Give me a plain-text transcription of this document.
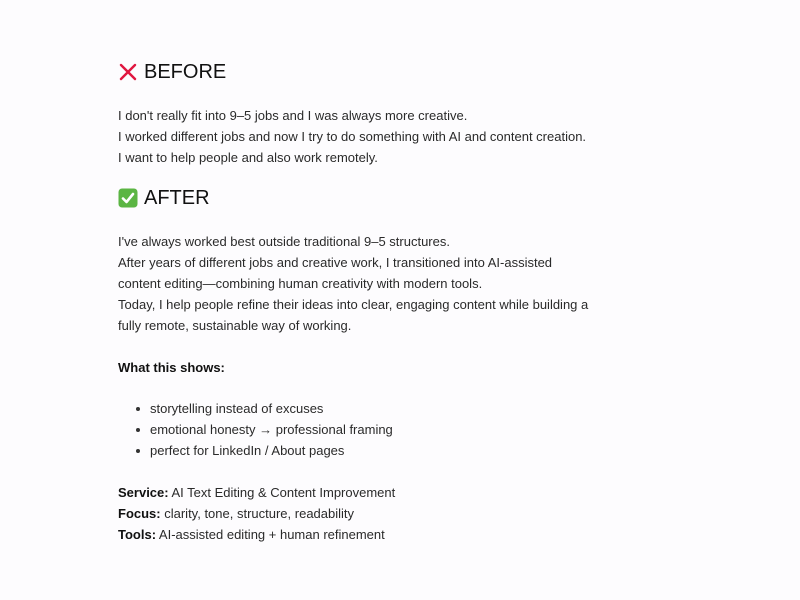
BEFORE
I don't really fit into 9–5 jobs and I was always more creative.
I worked different jobs and now I try to do something with AI and content creation.
I want to help people and also work remotely.
AFTER
I've always worked best outside traditional 9–5 structures.
After years of different jobs and creative work, I transitioned into AI-assisted
content editing—combining human creativity with modern tools.
Today, I help people refine their ideas into clear, engaging content while building a
fully remote, sustainable way of working.
What this shows:
storytelling instead of excuses
emotional honesty → professional framing
perfect for LinkedIn / About pages
Service: AI Text Editing & Content Improvement
Focus: clarity, tone, structure, readability
Tools: AI-assisted editing + human refinement
